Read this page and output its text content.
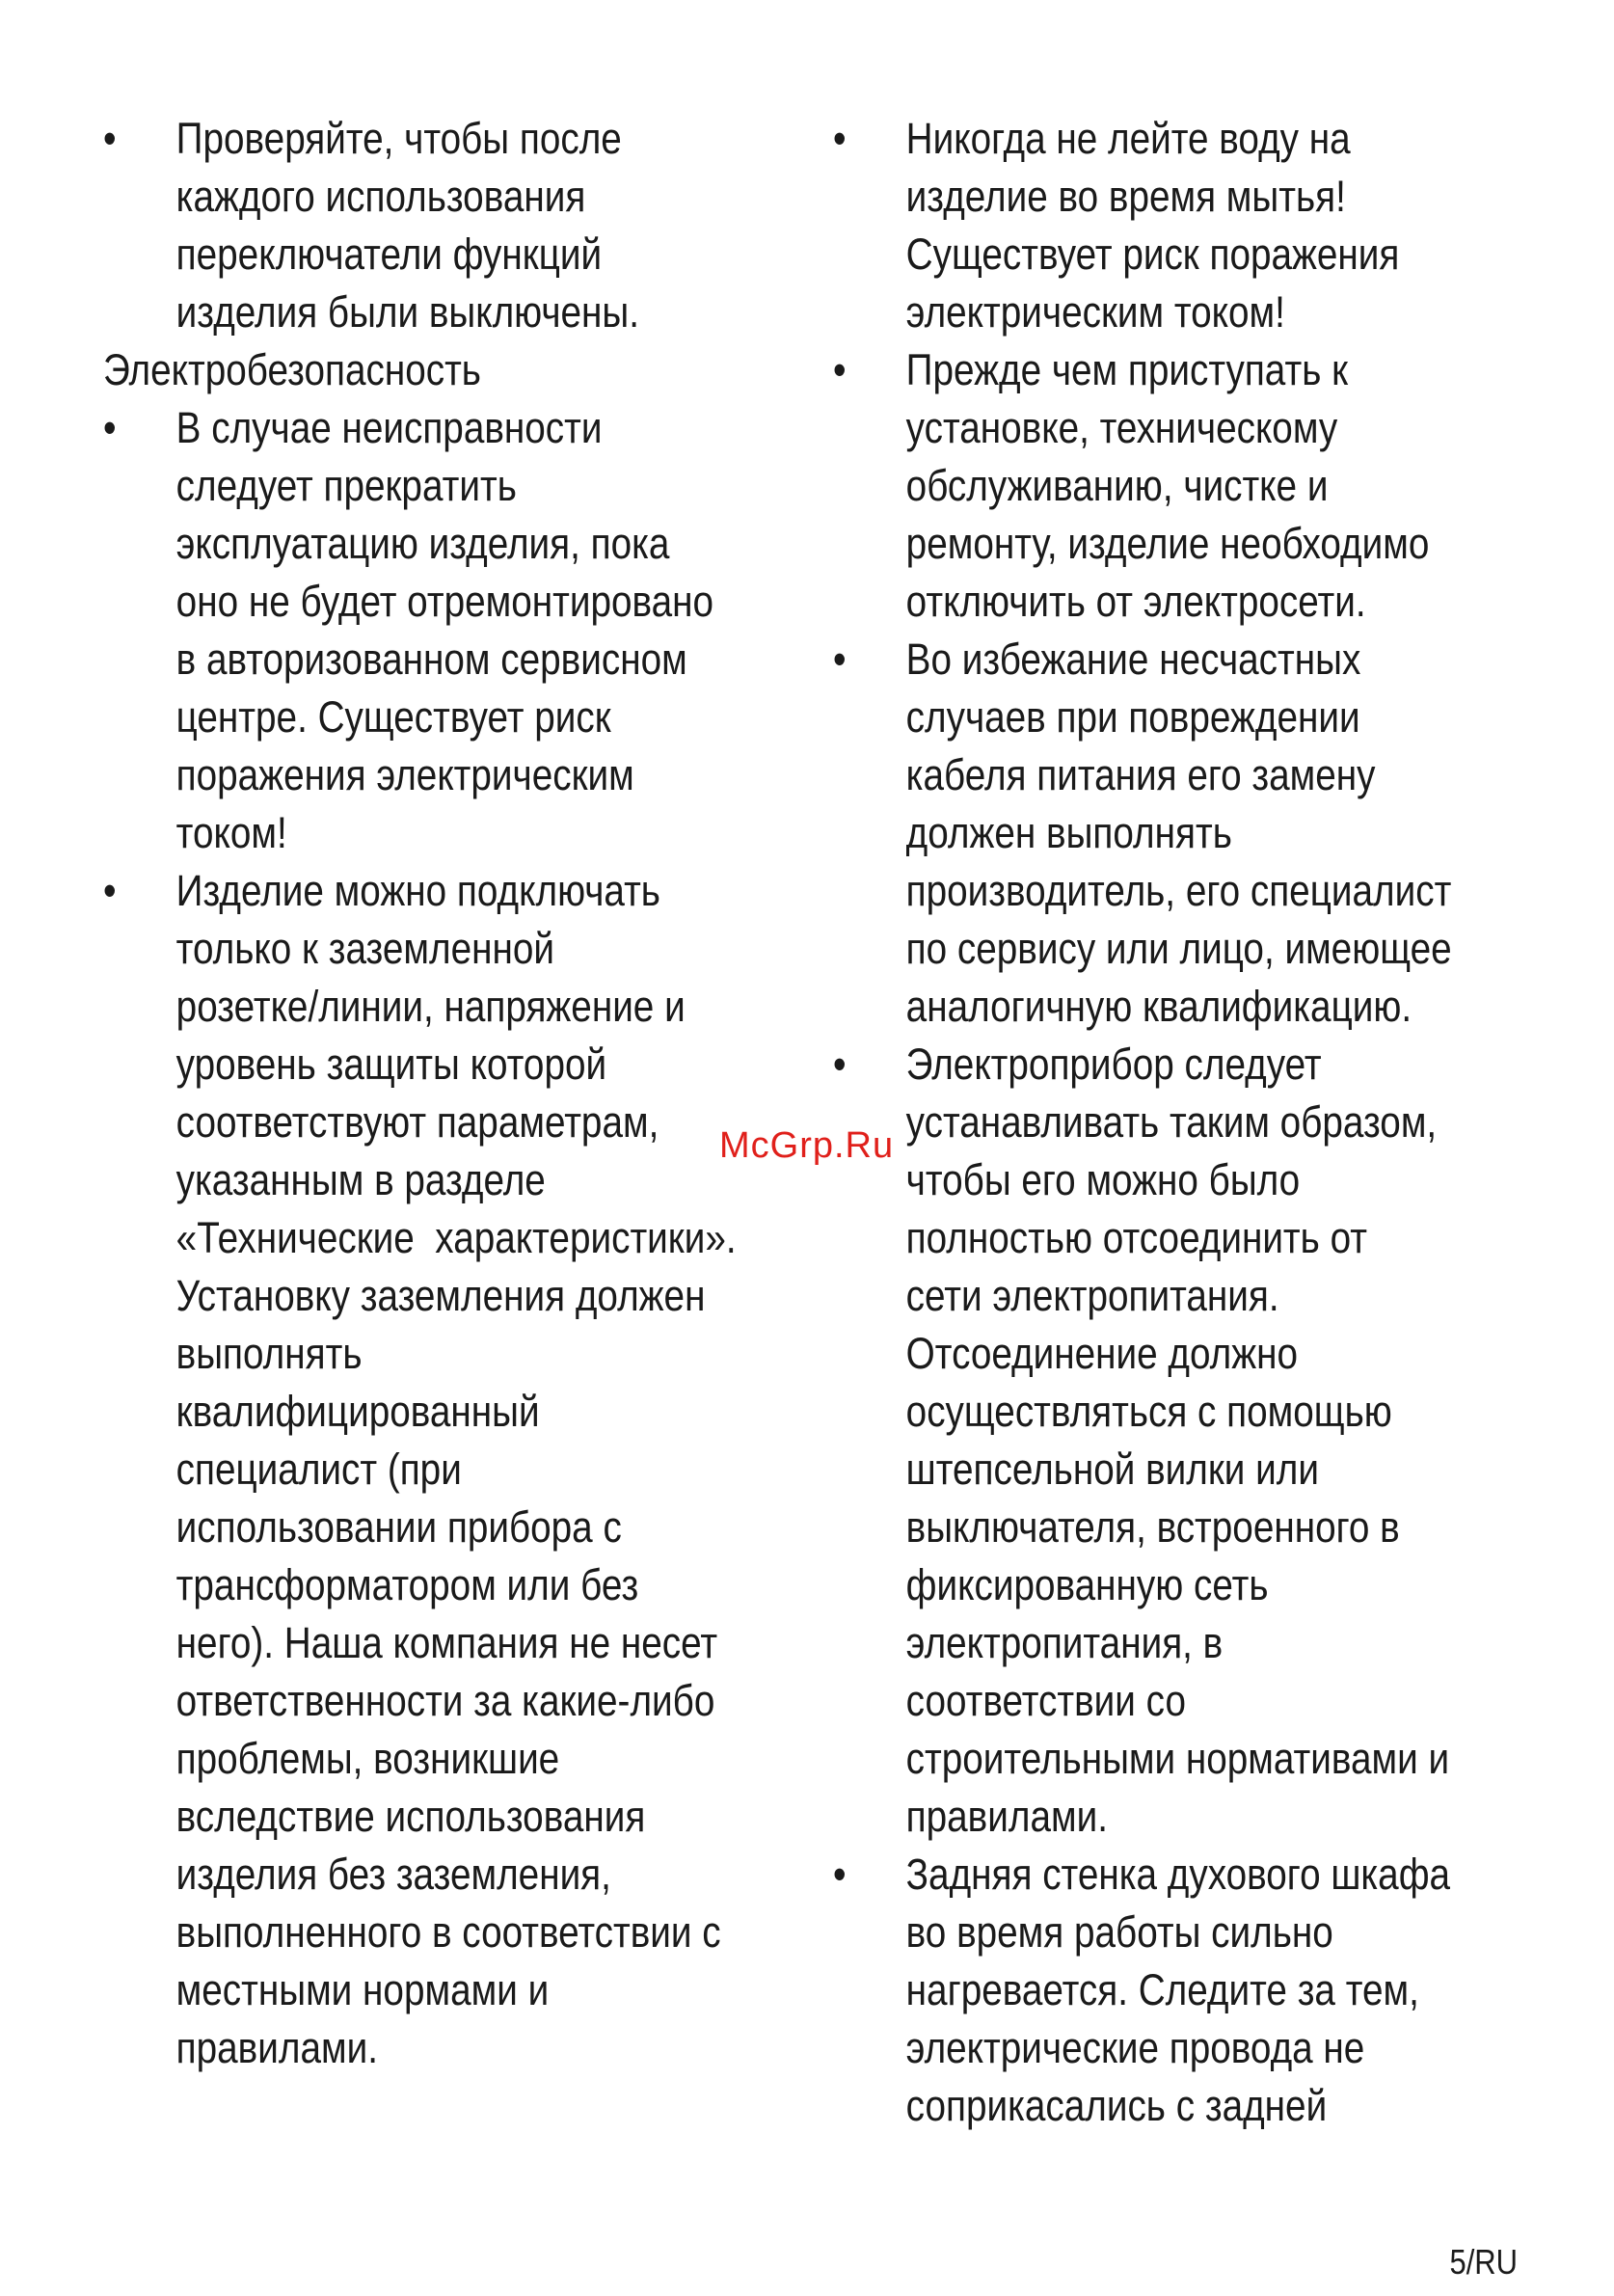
• Проверяйте, чтобы после
каждого использования
переключатели функций
изделия были выключены.
Электробезопасность
• В случае неисправности
следует прекратить
эксплуатацию изделия, пока
оно не будет отремонтировано
в авторизованном сервисном
центре. Существует риск
поражения электрическим
током!
• Изделие можно подключать
только к заземленной
розетке/линии, напряжение и
уровень защиты которой
соответствуют параметрам,
указанным в разделе
«Технические  характеристики».
Установку заземления должен
выполнять
квалифицированный
специалист (при
использовании прибора с
трансформатором или без
него). Наша компания не несет
ответственности за какие-либо
проблемы, возникшие
вследствие использования
изделия без заземления,
выполненного в соответствии с
местными нормами и
правилами.
• Никогда не лейте воду на
изделие во время мытья!
Существует риск поражения
электрическим током!
• Прежде чем приступать к
установке, техническому
обслуживанию, чистке и
ремонту, изделие необходимо
отключить от электросети.
• Во избежание несчастных
случаев при повреждении
кабеля питания его замену
должен выполнять
производитель, его специалист
по сервису или лицо, имеющее
аналогичную квалификацию.
• Электроприбор следует
устанавливать таким образом,
чтобы его можно было
полностью отсоединить от
сети электропитания.
Отсоединение должно
осуществляться с помощью
штепсельной вилки или
выключателя, встроенного в
фиксированную сеть
электропитания, в
соответствии со
строительными нормативами и
правилами.
• Задняя стенка духового шкафа
во время работы сильно
нагревается. Следите за тем,
электрические провода не
соприкасались с задней
McGrp.Ru
5/RU
